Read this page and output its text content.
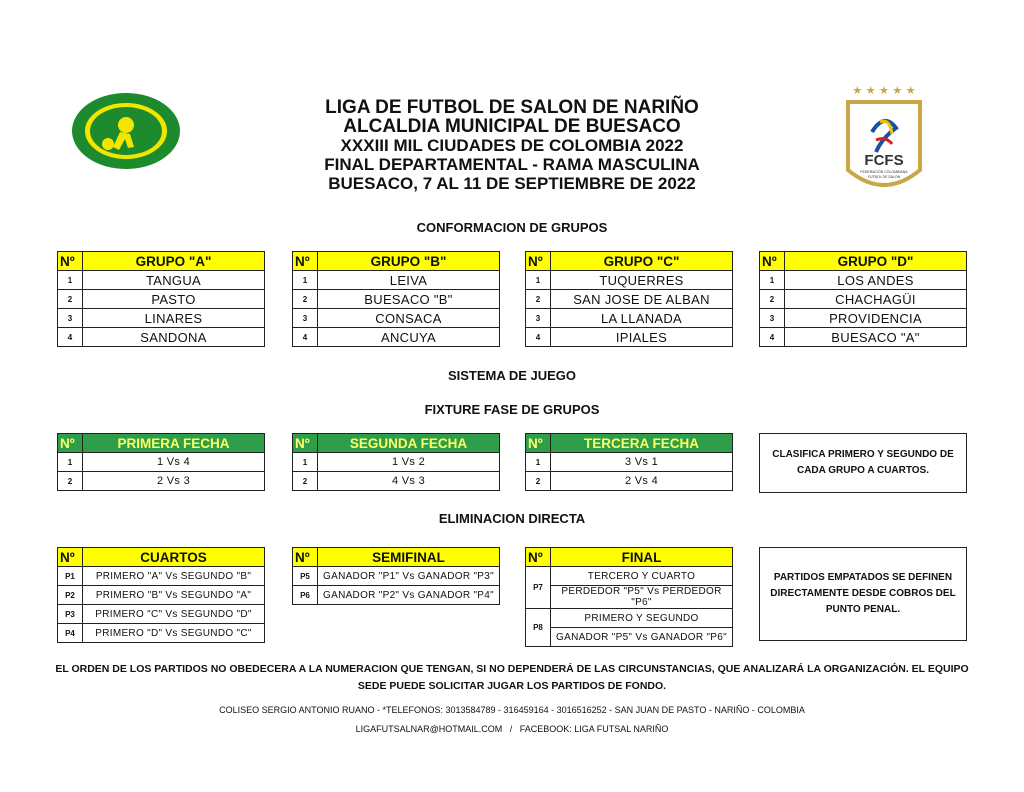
★ ★ ★ ★ ★
FCFS
FEDERACIÓN COLOMBIANA
FUTBOL DE SALON
LIGA DE FUTBOL DE SALON DE NARIÑO
ALCALDIA MUNICIPAL DE BUESACO
XXXIII MIL CIUDADES DE COLOMBIA 2022
FINAL DEPARTAMENTAL - RAMA MASCULINA
BUESACO, 7 AL 11 DE SEPTIEMBRE DE 2022
CONFORMACION DE GRUPOS
Nº	GRUPO "A"
1	TANGUA
2	PASTO
3	LINARES
4	SANDONA
Nº	GRUPO "B"
1	LEIVA
2	BUESACO "B"
3	CONSACA
4	ANCUYA
Nº	GRUPO "C"
1	TUQUERRES
2	SAN JOSE DE ALBAN
3	LA LLANADA
4	IPIALES
Nº	GRUPO "D"
1	LOS ANDES
2	CHACHAGÜI
3	PROVIDENCIA
4	BUESACO "A"
SISTEMA DE JUEGO
FIXTURE FASE DE GRUPOS
Nº	PRIMERA FECHA
1	1 Vs 4
2	2 Vs 3
Nº	SEGUNDA FECHA
1	1 Vs 2
2	4 Vs 3
Nº	TERCERA FECHA
1	3 Vs 1
2	2 Vs 4
CLASIFICA PRIMERO Y SEGUNDO DE CADA GRUPO A CUARTOS.
ELIMINACION DIRECTA
Nº	CUARTOS
P1	PRIMERO "A" Vs SEGUNDO "B"
P2	PRIMERO "B" Vs SEGUNDO "A"
P3	PRIMERO "C" Vs SEGUNDO "D"
P4	PRIMERO "D" Vs SEGUNDO "C"
Nº	SEMIFINAL
P5	GANADOR "P1" Vs GANADOR "P3"
P6	GANADOR "P2" Vs GANADOR "P4"
Nº	FINAL
P7	TERCERO Y CUARTO
	PERDEDOR "P5" Vs PERDEDOR "P6"
P8	PRIMERO Y SEGUNDO
	GANADOR "P5" Vs GANADOR "P6"
PARTIDOS EMPATADOS SE DEFINEN DIRECTAMENTE DESDE COBROS DEL PUNTO PENAL.
EL ORDEN DE LOS PARTIDOS NO OBEDECERA A LA NUMERACION QUE TENGAN, SI NO DEPENDERÁ DE LAS CIRCUNSTANCIAS, QUE ANALIZARÁ LA ORGANIZACIÓN. EL EQUIPO
SEDE PUEDE SOLICITAR JUGAR LOS PARTIDOS DE FONDO.
COLISEO SERGIO ANTONIO RUANO - *TELEFONOS: 3013584789 - 316459164 - 3016516252 - SAN JUAN DE PASTO - NARIÑO - COLOMBIA
LIGAFUTSALNAR@HOTMAIL.COM   /   FACEBOOK: LIGA FUTSAL NARIÑO
